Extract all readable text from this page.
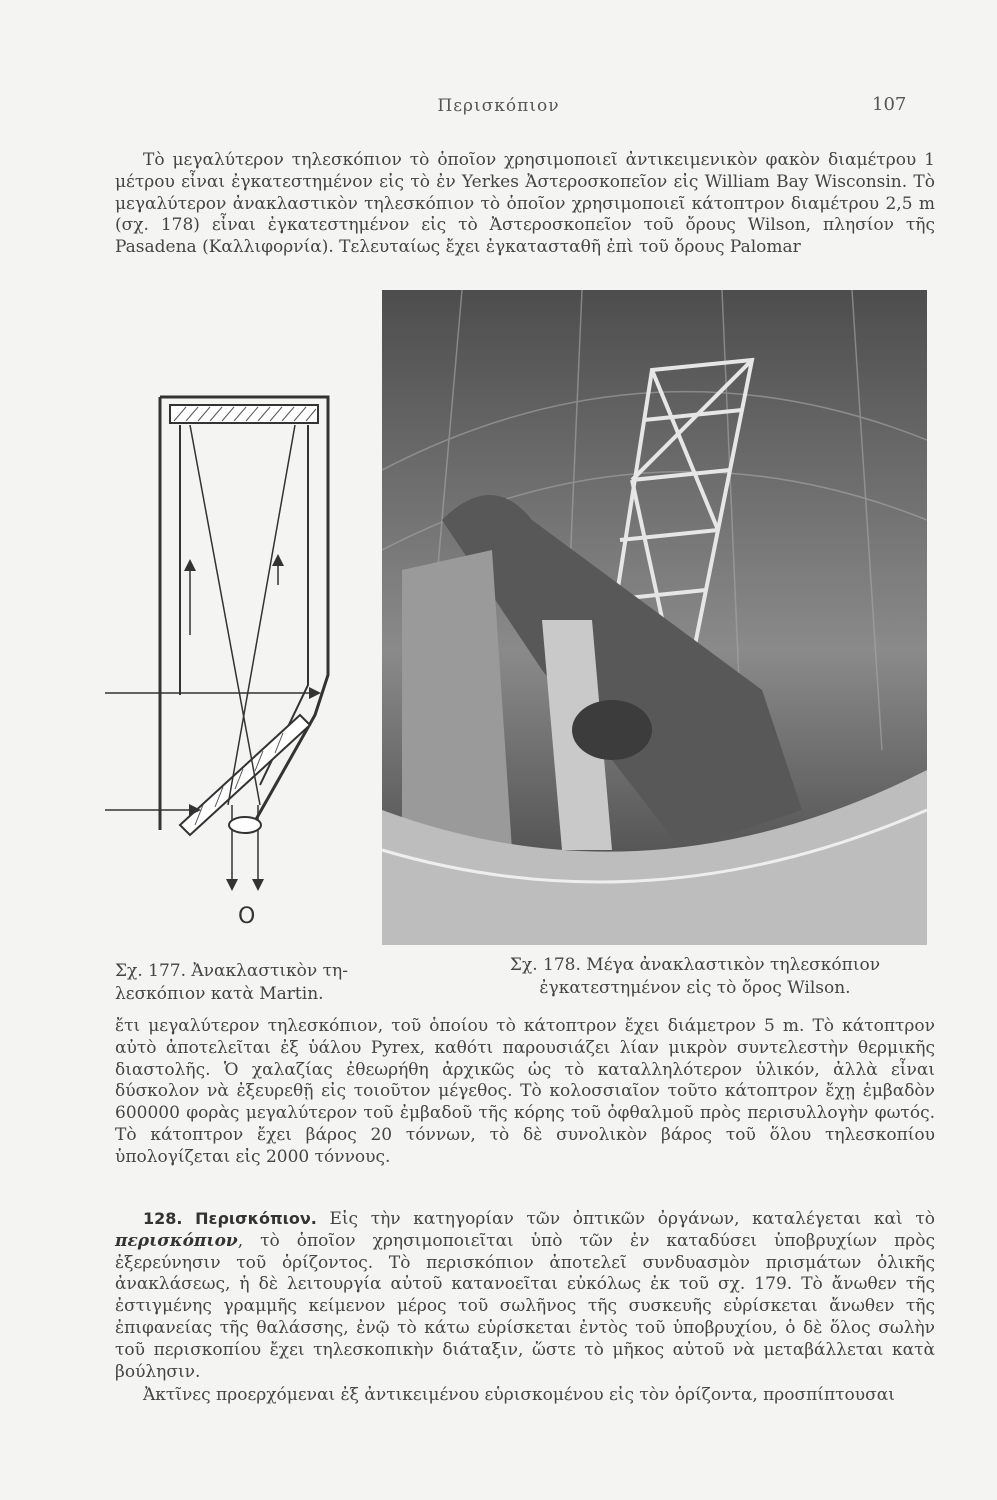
Περισκόπιον	107

Τὸ μεγαλύτερον τηλεσκόπιον τὸ ὁποῖον χρησιμοποιεῖ ἀντικειμενικὸν φακὸν διαμέτρου 1 μέτρου εἶναι ἐγκατεστημένον εἰς τὸ ἐν Yerkes Ἀστεροσκοπεῖον εἰς William Bay Wisconsin. Τὸ μεγαλύτερον ἀνακλαστικὸν τηλεσκόπιον τὸ ὁποῖον χρησιμοποιεῖ κάτοπτρον διαμέτρου 2,5 m (σχ. 178) εἶναι ἐγκατεστημένον εἰς τὸ Ἀστεροσκοπεῖον τοῦ ὄρους Wilson, πλησίον τῆς Pasadena (Καλλιφορνία). Τελευταίως ἔχει ἐγκατασταθῆ ἐπὶ τοῦ ὄρους Palomar

O
Σχ. 177. Ἀνακλαστικὸν τη-
λεσκόπιον κατὰ Martin.
Σχ. 178. Μέγα ἀνακλαστικὸν τηλεσκόπιον
ἐγκατεστημένον εἰς τὸ ὄρος Wilson.

ἔτι μεγαλύτερον τηλεσκόπιον, τοῦ ὁποίου τὸ κάτοπτρον ἔχει διάμετρον 5 m. Τὸ κάτοπτρον αὐτὸ ἀποτελεῖται ἐξ ὑάλου Pyrex, καθότι παρουσιάζει λίαν μικρὸν συντελεστὴν θερμικῆς διαστολῆς. Ὁ χαλαζίας ἐθεωρήθη ἀρχικῶς ὡς τὸ καταλληλότερον ὑλικόν, ἀλλὰ εἶναι δύσκολον νὰ ἐξευρεθῇ εἰς τοιοῦτον μέγεθος. Τὸ κολοσσιαῖον τοῦτο κάτοπτρον ἔχῃ ἐμβαδὸν 600000 φορὰς μεγαλύτερον τοῦ ἐμβαδοῦ τῆς κόρης τοῦ ὀφθαλμοῦ πρὸς περισυλλογὴν φωτός. Τὸ κάτοπτρον ἔχει βάρος 20 τόννων, τὸ δὲ συνολικὸν βάρος τοῦ ὅλου τηλεσκοπίου ὑπολογίζεται εἰς 2000 τόννους.

128. Περισκόπιον. Εἰς τὴν κατηγορίαν τῶν ὀπτικῶν ὀργάνων, καταλέγεται καὶ τὸ περισκόπιον, τὸ ὁποῖον χρησιμοποιεῖται ὑπὸ τῶν ἐν καταδύσει ὑποβρυχίων πρὸς ἐξερεύνησιν τοῦ ὁρίζοντος. Τὸ περισκόπιον ἀποτελεῖ συνδυασμὸν πρισμάτων ὁλικῆς ἀνακλάσεως, ἡ δὲ λειτουργία αὐτοῦ κατανοεῖται εὐκόλως ἐκ τοῦ σχ. 179. Τὸ ἄνωθεν τῆς ἐστιγμένης γραμμῆς κείμενον μέρος τοῦ σωλῆνος τῆς συσκευῆς εὑρίσκεται ἄνωθεν τῆς ἐπιφανείας τῆς θαλάσσης, ἐνῷ τὸ κάτω εὑρίσκεται ἐντὸς τοῦ ὑποβρυχίου, ὁ δὲ ὅλος σωλὴν τοῦ περισκοπίου ἔχει τηλεσκοπικὴν διάταξιν, ὥστε τὸ μῆκος αὐτοῦ νὰ μεταβάλλεται κατὰ βούλησιν.

Ἀκτῖνες προερχόμεναι ἐξ ἀντικειμένου εὑρισκομένου εἰς τὸν ὁρίζοντα, προσπίπτουσαι
